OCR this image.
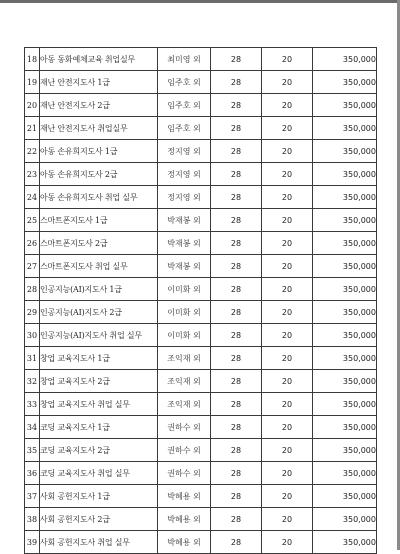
18	아동 동화예체교육 취업실무	최미영 외	28	20	350,000
19	재난 안전지도사 1급	임주호 외	28	20	350,000
20	재난 안전지도사 2급	임주호 외	28	20	350,000
21	재난 안전지도사 취업실무	임주호 외	28	20	350,000
22	아동 손유희지도사 1급	정지영 외	28	20	350,000
23	아동 손유희지도사 2급	정지영 외	28	20	350,000
24	아동 손유희지도사 취업 실무	정지영 외	28	20	350,000
25	스마트폰지도사 1급	박재봉 외	28	20	350,000
26	스마트폰지도사 2급	박재봉 외	28	20	350,000
27	스마트폰지도사 취업 실무	박재봉 외	28	20	350,000
28	인공지능(AI)지도사 1급	이미화 외	28	20	350,000
29	인공지능(AI)지도사 2급	이미화 외	28	20	350,000
30	인공지능(AI)지도사 취업 실무	이미화 외	28	20	350,000
31	창업 교육지도사 1급	조익재 외	28	20	350,000
32	창업 교육지도사 2급	조익재 외	28	20	350,000
33	창업 교육지도사 취업 실무	조익재 외	28	20	350,000
34	코딩 교육지도사 1급	권하수 외	28	20	350,000
35	코딩 교육지도사 2급	권하수 외	28	20	350,000
36	코딩 교육지도사 취업 실무	권하수 외	28	20	350,000
37	사회 공헌지도사 1급	박혜용 외	28	20	350,000
38	사회 공헌지도사 2급	박혜용 외	28	20	350,000
39	사회 공헌지도사 취업 실무	박혜용 외	28	20	350,000
